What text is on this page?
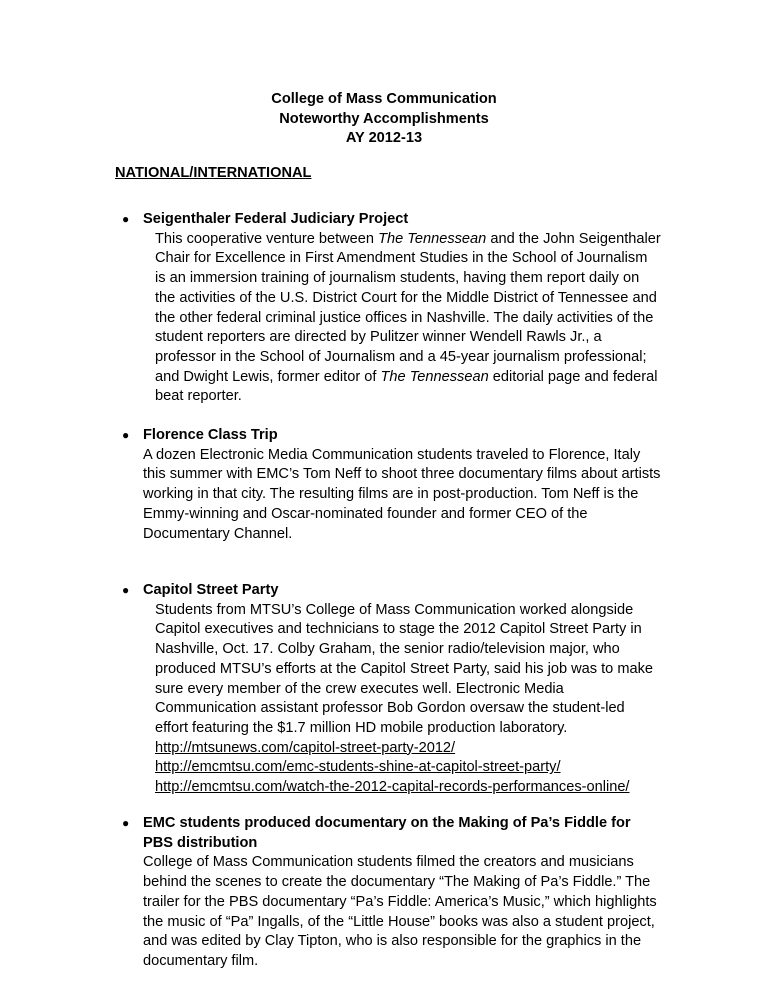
College of Mass Communication
Noteworthy Accomplishments
AY 2012-13
NATIONAL/INTERNATIONAL
● Seigenthaler Federal Judiciary Project
This cooperative venture between The Tennessean and the John Seigenthaler Chair for Excellence in First Amendment Studies in the School of Journalism is an immersion training of journalism students, having them report daily on the activities of the U.S. District Court for the Middle District of Tennessee and the other federal criminal justice offices in Nashville. The daily activities of the student reporters are directed by Pulitzer winner Wendell Rawls Jr., a professor in the School of Journalism and a 45-year journalism professional; and Dwight Lewis, former editor of The Tennessean editorial page and federal beat reporter.
● Florence Class Trip
A dozen Electronic Media Communication students traveled to Florence, Italy this summer with EMC’s Tom Neff to shoot three documentary films about artists working in that city. The resulting films are in post-production. Tom Neff is the Emmy-winning and Oscar-nominated founder and former CEO of the Documentary Channel.
● Capitol Street Party

Students from MTSU’s College of Mass Communication worked alongside Capitol executives and technicians to stage the 2012 Capitol Street Party in Nashville, Oct. 17. Colby Graham, the senior radio/television major, who produced MTSU’s efforts at the Capitol Street Party, said his job was to make sure every member of the crew executes well. Electronic Media Communication assistant professor Bob Gordon oversaw the student-led effort featuring the $1.7 million HD mobile production laboratory.

http://mtsunews.com/capitol-street-party-2012/
http://emcmtsu.com/emc-students-shine-at-capitol-street-party/
http://emcmtsu.com/watch-the-2012-capital-records-performances-online/
● EMC students produced documentary on the Making of Pa’s Fiddle for PBS distribution
College of Mass Communication students filmed the creators and musicians behind the scenes to create the documentary “The Making of Pa’s Fiddle.” The trailer for the PBS documentary “Pa’s Fiddle: America’s Music,” which highlights the music of “Pa” Ingalls, of the “Little House” books was also a student project, and was edited by Clay Tipton, who is also responsible for the graphics in the documentary film.
